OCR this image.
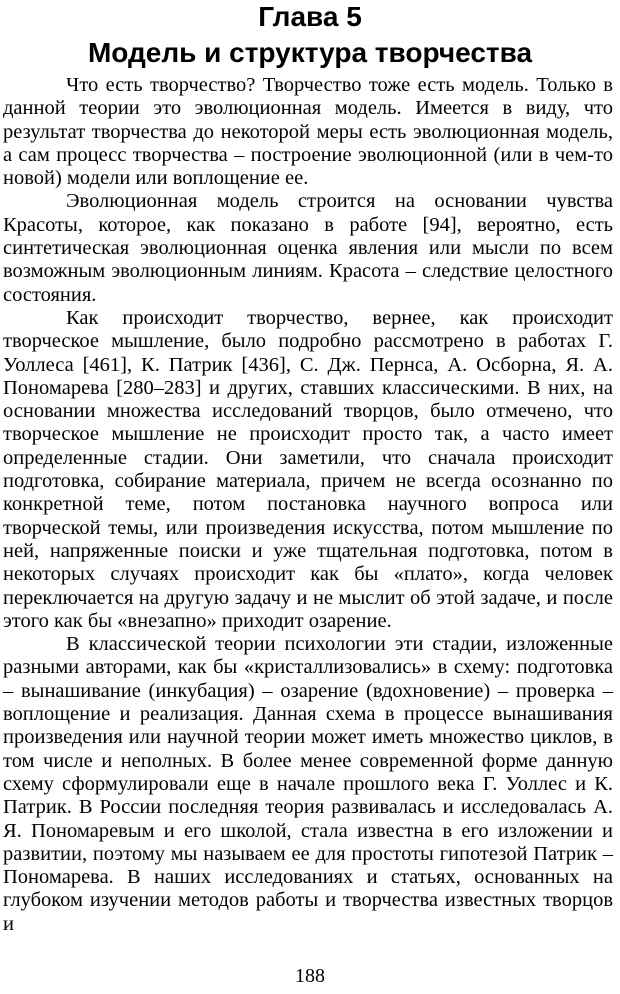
Глава 5
Модель и структура творчества

Что есть творчество? Творчество тоже есть модель. Только в данной теории это эволюционная модель. Имеется в виду, что результат творчества до некоторой меры есть эволюционная модель, а сам процесс творчества – построение эволюционной (или в чем-то новой) модели или воплощение ее.

Эволюционная модель строится на основании чувства Красоты, которое, как показано в работе [94], вероятно, есть синтетическая эволюционная оценка явления или мысли по всем возможным эволюционным линиям. Красота – следствие целостного состояния.

Как происходит творчество, вернее, как происходит творческое мышление, было подробно рассмотрено в работах Г. Уоллеса [461], К. Патрик [436], С. Дж. Пернса, А. Осборна, Я. А. Пономарева [280–283] и других, ставших классическими. В них, на основании множества исследований творцов, было отмечено, что творческое мышление не происходит просто так, а часто имеет определенные стадии. Они заметили, что сначала происходит подготовка, собирание материала, причем не всегда осознанно по конкретной теме, потом постановка научного вопроса или творческой темы, или произведения искусства, потом мышление по ней, напряженные поиски и уже тщательная подготовка, потом в некоторых случаях происходит как бы «плато», когда человек переключается на другую задачу и не мыслит об этой задаче, и после этого как бы «внезапно» приходит озарение.

В классической теории психологии эти стадии, изложенные разными авторами, как бы «кристаллизовались» в схему: подготовка – вынашивание (инкубация) – озарение (вдохновение) – проверка – воплощение и реализация. Данная схема в процессе вынашивания произведения или научной теории может иметь множество циклов, в том числе и неполных. В более менее современной форме данную схему сформулировали еще в начале прошлого века Г. Уоллес и К. Патрик. В России последняя теория развивалась и исследовалась А. Я. Пономаревым и его школой, стала известна в его изложении и развитии, поэтому мы называем ее для простоты гипотезой Патрик – Пономарева. В наших исследованиях и статьях, основанных на глубоком изучении методов работы и творчества известных творцов и

188
